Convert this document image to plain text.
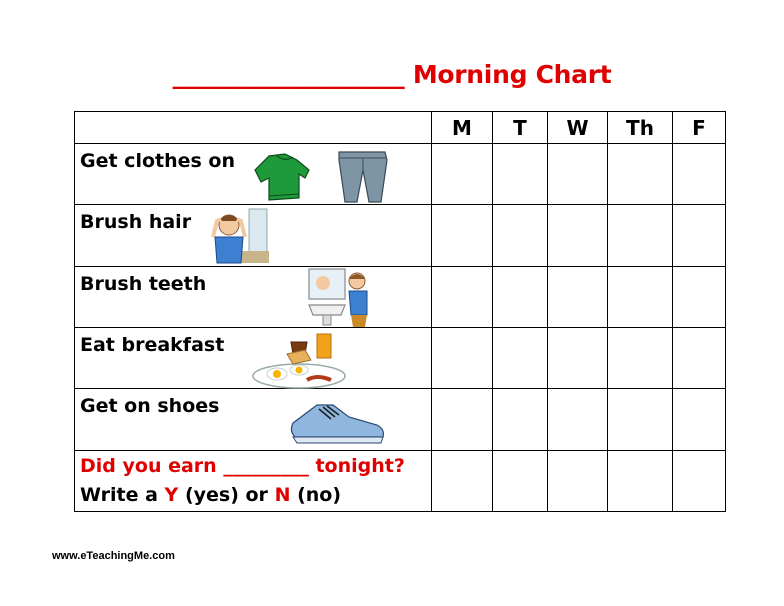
___________________ Morning Chart
	M	T	W	Th	F

Get clothes on					

Brush hair					

Brush teeth					

Eat breakfast					

Get on shoes					

Did you earn _________ tonight?
Write a Y (yes) or N (no)					

www.eTeachingMe.com
